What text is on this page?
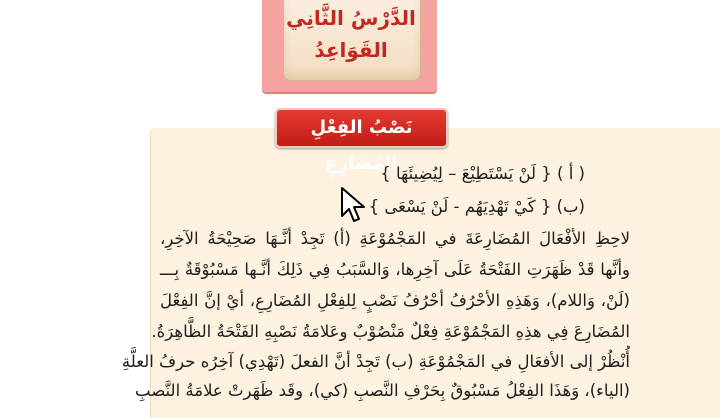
الدَّرْسُ الثَّانِي
القَوَاعِدُ
نَصْبُ الفِعْلِ المُضَارِعِ
( أ ) { لَنْ يَسْتَطِيْعَ – لِيُضِيئَهَا }
(ب) { كَيْ تَهْدِيَهُم - لَنْ يَسْعَى }
لاحِظِ الأفْعَالَ المُضَارِعَةَ في المَجْمُوْعَةِ (أ) تَجِدْ أنَّـهَا صَحِيْحَةُ الآخِرِ،
وأنَّها قَدْ ظَهَرَتِ الفَتْحَةُ عَلَى آخِرِها، وَالسَّبَبُ فِي ذَلِكَ أنَّـها مَسْبُوْقَةٌ بِـــ
(لَنْ، وَاللام)، وَهَذِهِ الأحْرُفُ أحْرُفُ نَصْبٍ لِلفِعْلِ المُضَارِعِ، أيْ إنَّ الفِعْلَ
المُضَارِعَ فِي هذِهِ المَجْمُوْعَةِ فِعْلٌ مَنْصُوْبٌ وعَلامَةُ نَصْبِهِ الفَتْحَةُ الظَّاهِرَةُ.
أُنْظُرْ إلى الأفعَالِ في المَجْمُوْعَةِ (ب) تَجِدْ أنَّ الفعلَ (تَهْدِي) آخِرُه حرفُ العلَّةِ
(الياء)، وَهَذَا الفِعْلُ مَسْبُوقٌ بِحَرْفِ النَّصبِ (كي)، وقَد ظَهَرتْ علامَةُ النَّصبِ
